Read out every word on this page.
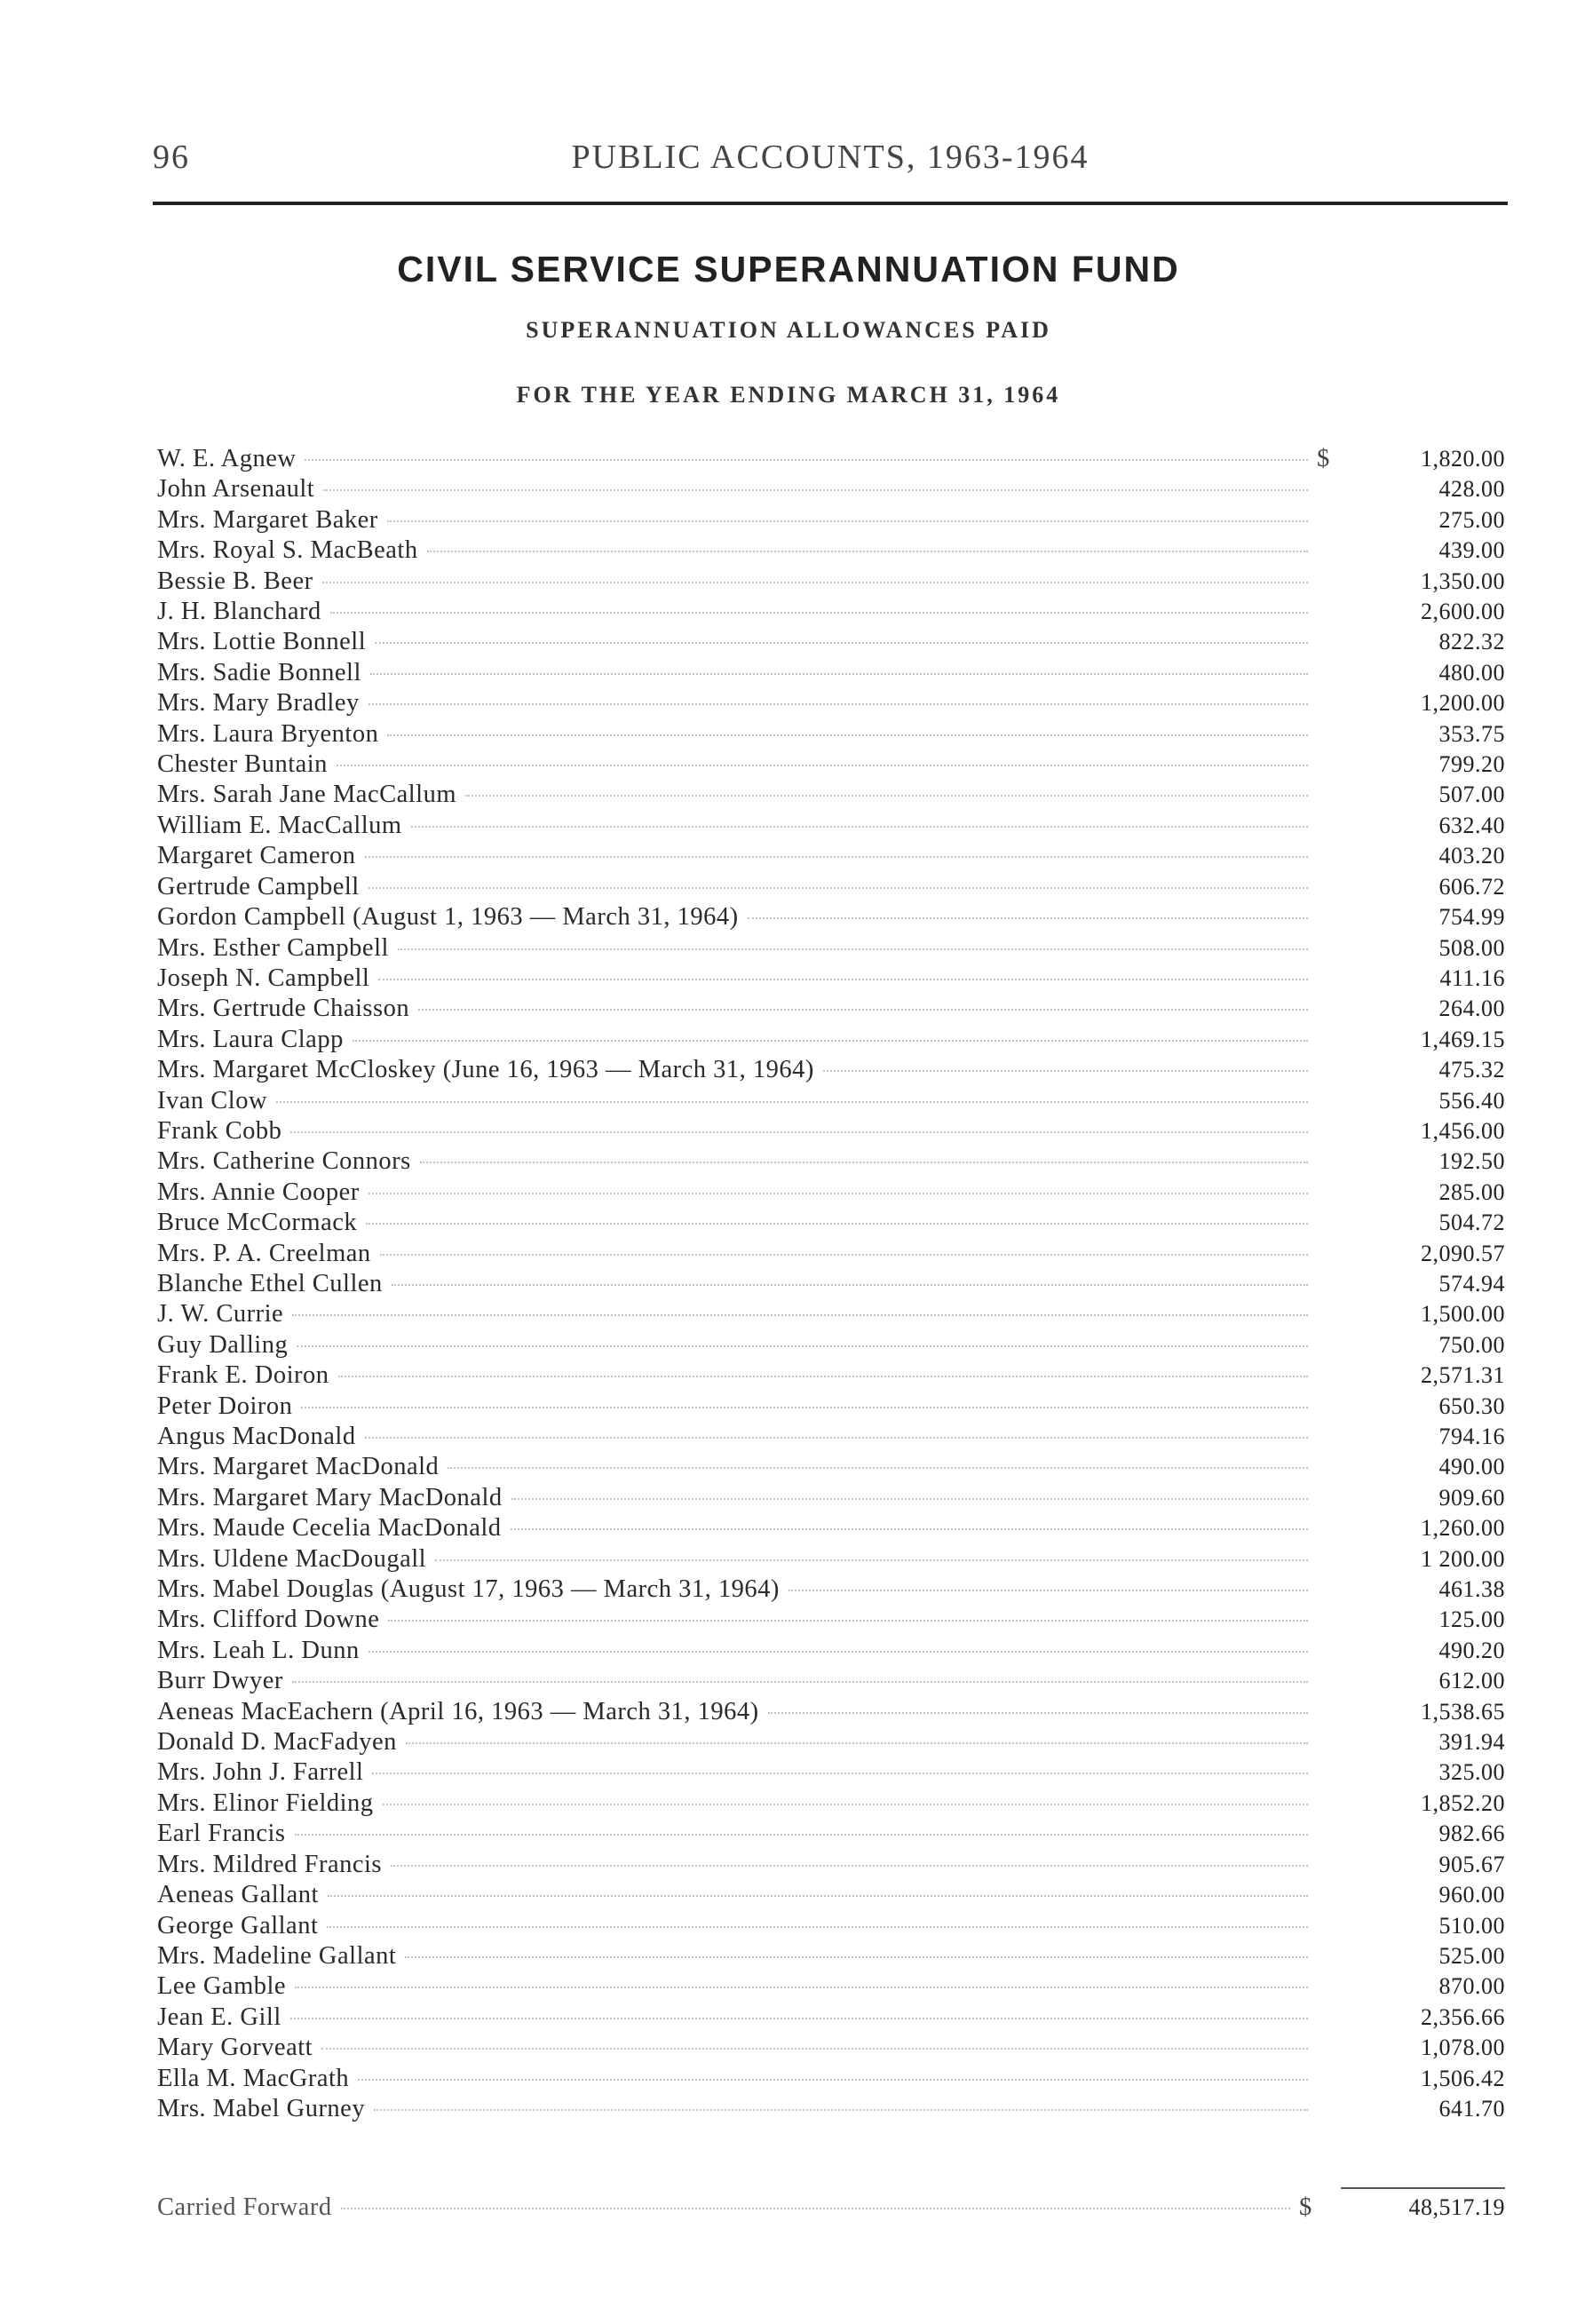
96	PUBLIC ACCOUNTS, 1963-1964
CIVIL SERVICE SUPERANNUATION FUND
SUPERANNUATION ALLOWANCES PAID
FOR THE YEAR ENDING MARCH 31, 1964
W. E. Agnew	$	1,820.00
John Arsenault	428.00
Mrs. Margaret Baker	275.00
Mrs. Royal S. MacBeath	439.00
Bessie B. Beer	1,350.00
J. H. Blanchard	2,600.00
Mrs. Lottie Bonnell	822.32
Mrs. Sadie Bonnell	480.00
Mrs. Mary Bradley	1,200.00
Mrs. Laura Bryenton	353.75
Chester Buntain	799.20
Mrs. Sarah Jane MacCallum	507.00
William E. MacCallum	632.40
Margaret Cameron	403.20
Gertrude Campbell	606.72
Gordon Campbell (August 1, 1963 — March 31, 1964)	754.99
Mrs. Esther Campbell	508.00
Joseph N. Campbell	411.16
Mrs. Gertrude Chaisson	264.00
Mrs. Laura Clapp	1,469.15
Mrs. Margaret McCloskey (June 16, 1963 — March 31, 1964)	475.32
Ivan Clow	556.40
Frank Cobb	1,456.00
Mrs. Catherine Connors	192.50
Mrs. Annie Cooper	285.00
Bruce McCormack	504.72
Mrs. P. A. Creelman	2,090.57
Blanche Ethel Cullen	574.94
J. W. Currie	1,500.00
Guy Dalling	750.00
Frank E. Doiron	2,571.31
Peter Doiron	650.30
Angus MacDonald	794.16
Mrs. Margaret MacDonald	490.00
Mrs. Margaret Mary MacDonald	909.60
Mrs. Maude Cecelia MacDonald	1,260.00
Mrs. Uldene MacDougall	1 200.00
Mrs. Mabel Douglas (August 17, 1963 — March 31, 1964)	461.38
Mrs. Clifford Downe	125.00
Mrs. Leah L. Dunn	490.20
Burr Dwyer	612.00
Aeneas MacEachern (April 16, 1963 — March 31, 1964)	1,538.65
Donald D. MacFadyen	391.94
Mrs. John J. Farrell	325.00
Mrs. Elinor Fielding	1,852.20
Earl Francis	982.66
Mrs. Mildred Francis	905.67
Aeneas Gallant	960.00
George Gallant	510.00
Mrs. Madeline Gallant	525.00
Lee Gamble	870.00
Jean E. Gill	2,356.66
Mary Gorveatt	1,078.00
Ella M. MacGrath	1,506.42
Mrs. Mabel Gurney	641.70
Carried Forward	$	48,517.19
